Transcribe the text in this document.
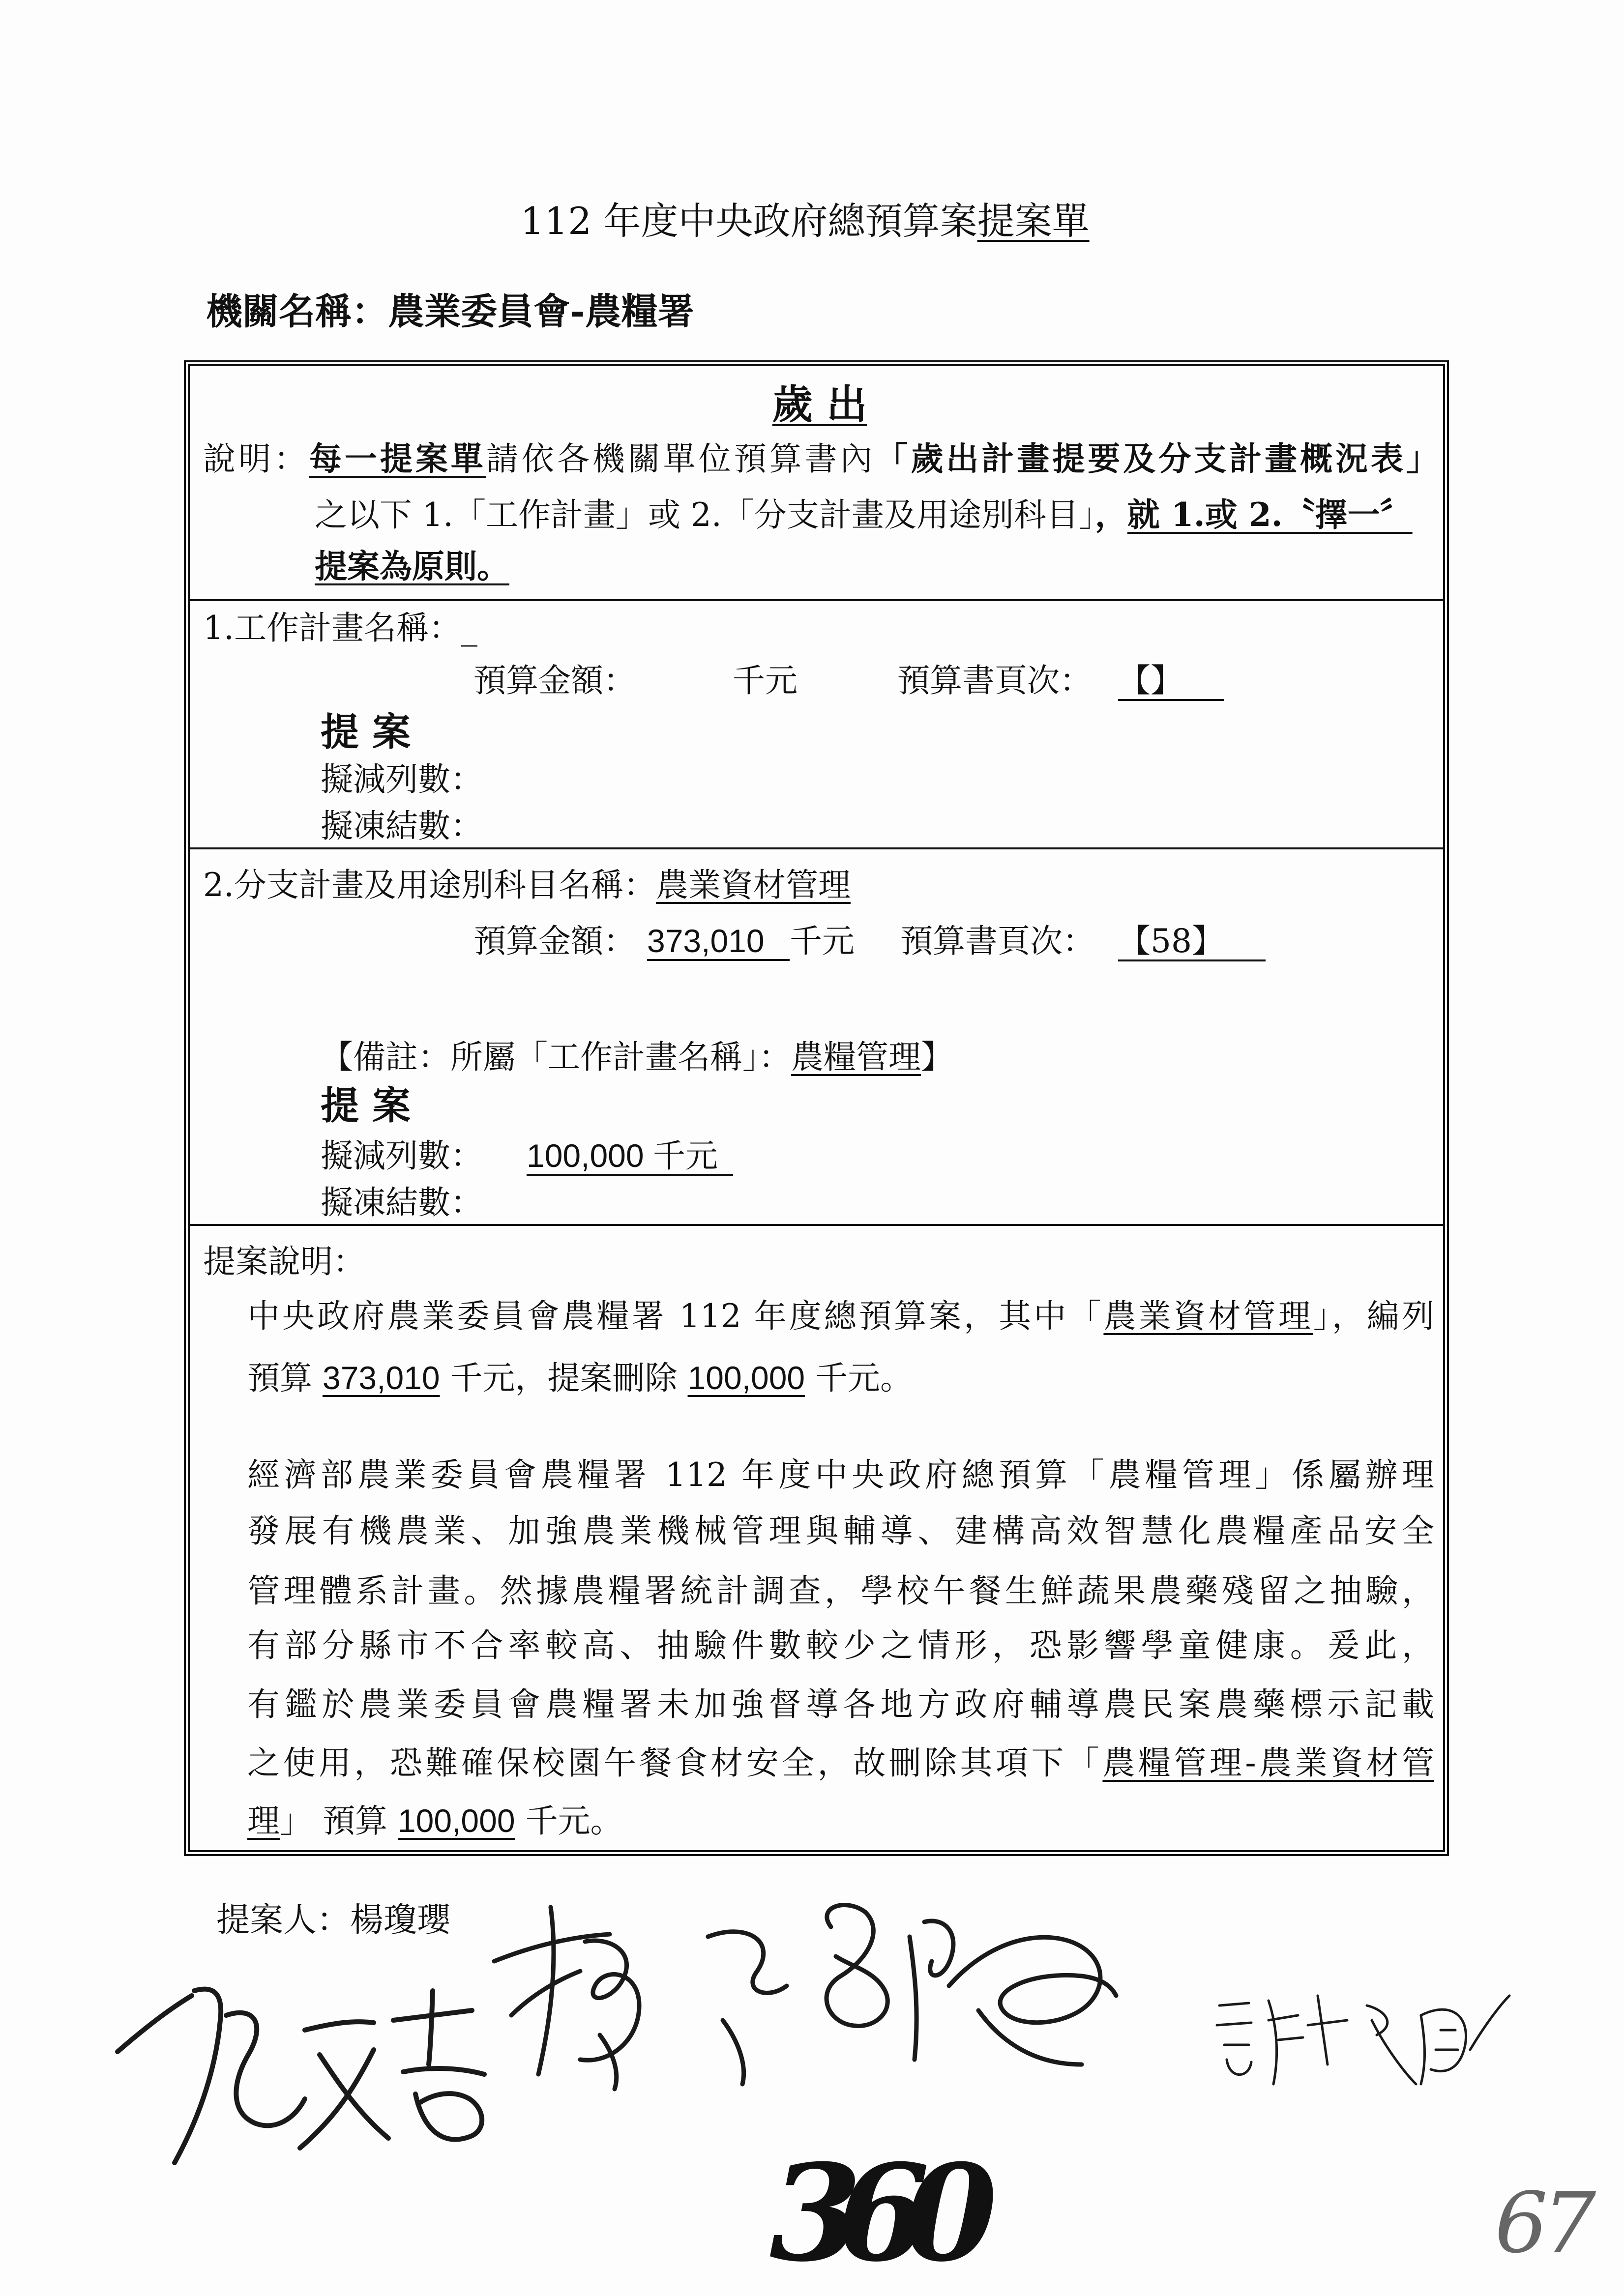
112 年度中央政府總預算案提案單
機關名稱：農業委員會-農糧署
歲 出
說明：每一提案單請依各機關單位預算書內「歲出計畫提要及分支計畫概況表」
之以下 1.「工作計畫」或 2.「分支計畫及用途別科目」，就 1.或 2.〝擇一〞
提案為原則。
1.工作計畫名稱：_
預算金額：	千元	預算書頁次： 【】
提 案
擬減列數：
擬凍結數：
2.分支計畫及用途別科目名稱：農業資材管理
預算金額： 373,010 千元 預算書頁次： 【58】
【備註：所屬「工作計畫名稱」：農糧管理】
提 案
擬減列數： 100,000 千元
擬凍結數：
提案說明：
中央政府農業委員會農糧署 112 年度總預算案，其中「農業資材管理」，編列
預算 373,010 千元，提案刪除 100,000 千元。
經濟部農業委員會農糧署 112 年度中央政府總預算「農糧管理」係屬辦理
發展有機農業、加強農業機械管理與輔導、建構高效智慧化農糧產品安全
管理體系計畫。然據農糧署統計調查，學校午餐生鮮蔬果農藥殘留之抽驗，
有部分縣市不合率較高、抽驗件數較少之情形，恐影響學童健康。爰此，
有鑑於農業委員會農糧署未加強督導各地方政府輔導農民案農藥標示記載
之使用，恐難確保校園午餐食材安全，故刪除其項下「農糧管理-農業資材管
理」 預算 100,000 千元。
提案人：楊瓊瓔
360	67
